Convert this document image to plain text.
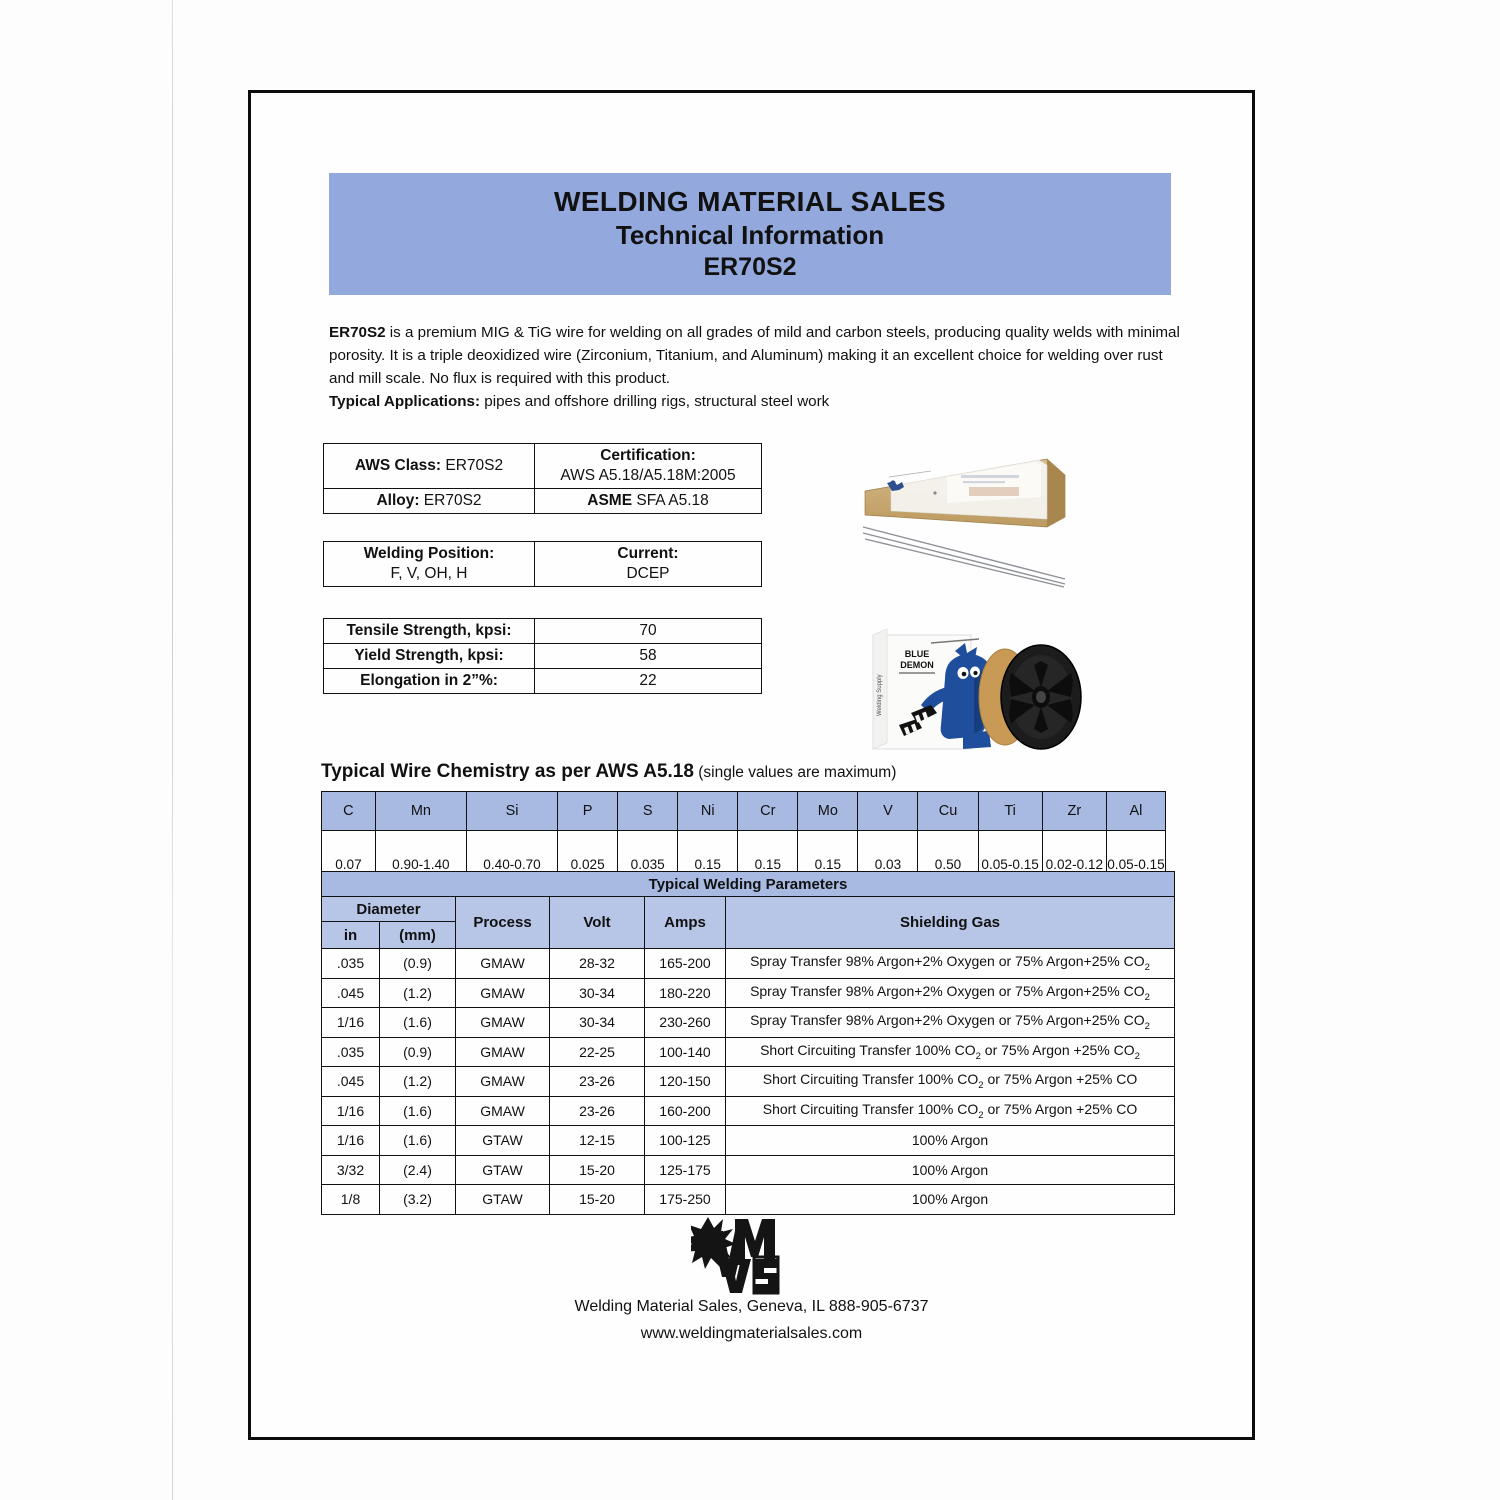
WELDING MATERIAL SALES
Technical Information
ER70S2
ER70S2 is a premium MIG & TiG wire for welding on all grades of mild and carbon steels, producing quality welds with minimal porosity. It is a triple deoxidized wire (Zirconium, Titanium, and Aluminum) making it an excellent choice for welding over rust and mill scale. No flux is required with this product.
Typical Applications: pipes and offshore drilling rigs, structural steel work
AWS Class: ER70S2	Certification:
AWS A5.18/A5.18M:2005

Alloy: ER70S2	ASME SFA A5.18
Welding Position:
F, V, OH, H

Current:
DCEP
Tensile Strength, kpsi:	70
Yield Strength, kpsi:	58
Elongation in 2”%:	22	Welding Supply
BLUE
DEMON
Typical Wire Chemistry as per AWS A5.18 (single values are maximum)
C	Mn	Si	P	S	Ni	Cr	Mo	V	Cu	Ti	Zr	Al
0.07	0.90-1.40	0.40-0.70	0.025	0.035	0.15	0.15	0.15	0.03	0.50	0.05-0.15	0.02-0.12	0.05-0.15
Typical Welding Parameters					
Diameter		Process	Volt	Amps	Shielding Gas
in	(mm)				
.035	(0.9)	GMAW	28-32	165-200	Spray Transfer 98% Argon+2% Oxygen or 75% Argon+25% $CO_2$
.045	(1.2)	GMAW	30-34	180-220	Spray Transfer 98% Argon+2% Oxygen or 75% Argon+25% $CO_2$
1/16	(1.6)	GMAW	30-34	230-260	Spray Transfer 98% Argon+2% Oxygen or 75% Argon+25% $CO_2$
.035	(0.9)	GMAW	22-25	100-140	Short Circuiting Transfer 100% $CO_2$ or 75% Argon +25% $CO_2$
.045	(1.2)	GMAW	23-26	120-150	Short Circuiting Transfer 100% $CO_2$ or 75% Argon +25% CO
1/16	(1.6)	GMAW	23-26	160-200	Short Circuiting Transfer 100% $CO_2$ or 75% Argon +25% CO
1/16	(1.6)	GTAW	12-15	100-125	100% Argon
3/32	(2.4)	GTAW	15-20	125-175	100% Argon
1/8	(3.2)	GTAW	15-20	175-250	100% Argon
Welding Material Sales, Geneva, IL 888-905-6737
www.weldingmaterialsales.com
